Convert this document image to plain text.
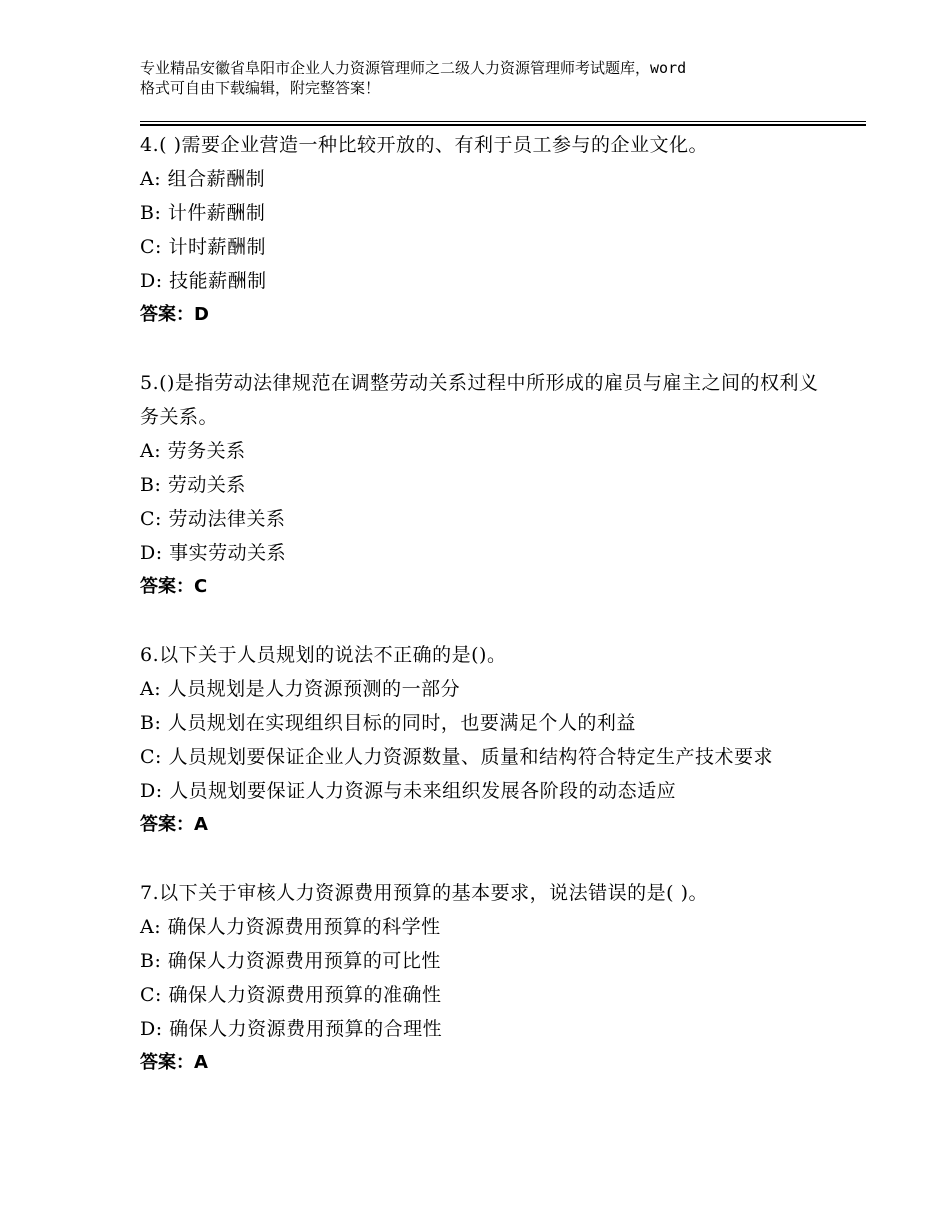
专业精品安徽省阜阳市企业人力资源管理师之二级人力资源管理师考试题库，word
格式可自由下载编辑，附完整答案！
4.( )需要企业营造一种比较开放的、有利于员工参与的企业文化。
A: 组合薪酬制
B: 计件薪酬制
C: 计时薪酬制
D: 技能薪酬制
答案：D
5.()是指劳动法律规范在调整劳动关系过程中所形成的雇员与雇主之间的权利义务关系。
A: 劳务关系
B: 劳动关系
C: 劳动法律关系
D: 事实劳动关系
答案：C
6.以下关于人员规划的说法不正确的是()。
A: 人员规划是人力资源预测的一部分
B: 人员规划在实现组织目标的同时，也要满足个人的利益
C: 人员规划要保证企业人力资源数量、质量和结构符合特定生产技术要求
D: 人员规划要保证人力资源与未来组织发展各阶段的动态适应
答案：A
7.以下关于审核人力资源费用预算的基本要求，说法错误的是( )。
A: 确保人力资源费用预算的科学性
B: 确保人力资源费用预算的可比性
C: 确保人力资源费用预算的准确性
D: 确保人力资源费用预算的合理性
答案：A
